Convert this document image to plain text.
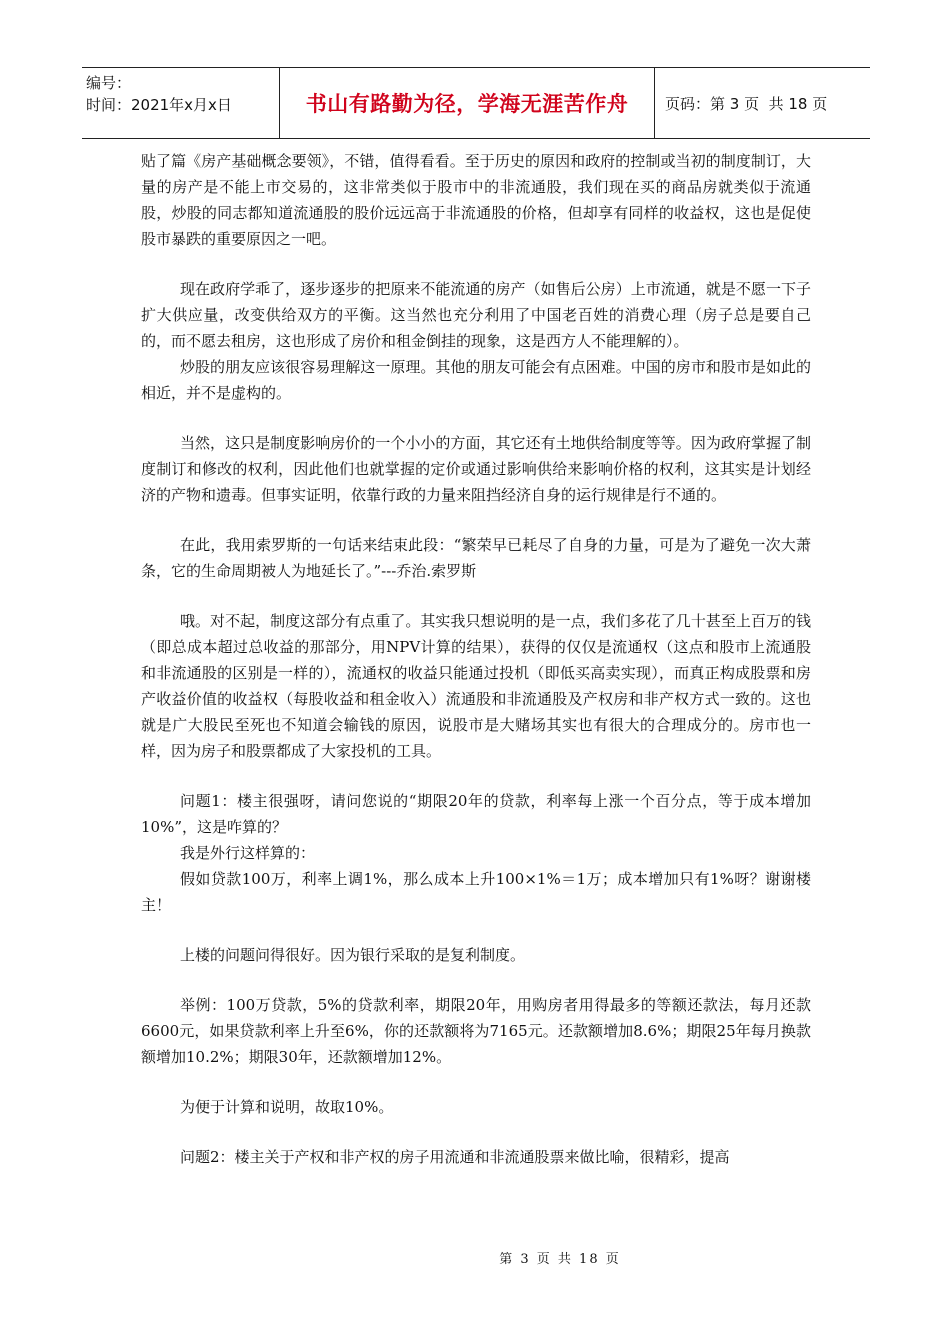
编号：
时间：2021年x月x日	书山有路勤为径，学海无涯苦作舟	页码：第 3 页  共 18 页

贴了篇《房产基础概念要领》，不错，值得看看。至于历史的原因和政府的控制或当初的制度制订，大量的房产是不能上市交易的，这非常类似于股市中的非流通股，我们现在买的商品房就类似于流通股，炒股的同志都知道流通股的股价远远高于非流通股的价格，但却享有同样的收益权，这也是促使股市暴跌的重要原因之一吧。

现在政府学乖了，逐步逐步的把原来不能流通的房产（如售后公房）上市流通，就是不愿一下子扩大供应量，改变供给双方的平衡。这当然也充分利用了中国老百姓的消费心理（房子总是要自己的，而不愿去租房，这也形成了房价和租金倒挂的现象，这是西方人不能理解的）。

炒股的朋友应该很容易理解这一原理。其他的朋友可能会有点困难。中国的房市和股市是如此的相近，并不是虚构的。

当然，这只是制度影响房价的一个小小的方面，其它还有土地供给制度等等。因为政府掌握了制度制订和修改的权利，因此他们也就掌握的定价或通过影响供给来影响价格的权利，这其实是计划经济的产物和遗毒。但事实证明，依靠行政的力量来阻挡经济自身的运行规律是行不通的。

在此，我用索罗斯的一句话来结束此段：“繁荣早已耗尽了自身的力量，可是为了避免一次大萧条，它的生命周期被人为地延长了。”---乔治.索罗斯

哦。对不起，制度这部分有点重了。其实我只想说明的是一点，我们多花了几十甚至上百万的钱（即总成本超过总收益的那部分，用NPV计算的结果），获得的仅仅是流通权（这点和股市上流通股和非流通股的区别是一样的），流通权的收益只能通过投机（即低买高卖实现），而真正构成股票和房产收益价值的收益权（每股收益和租金收入）流通股和非流通股及产权房和非产权方式一致的。这也就是广大股民至死也不知道会输钱的原因，说股市是大赌场其实也有很大的合理成分的。房市也一样，因为房子和股票都成了大家投机的工具。

问题1：楼主很强呀，请问您说的“期限20年的贷款，利率每上涨一个百分点，等于成本增加10%”，这是咋算的？

我是外行这样算的：

假如贷款100万，利率上调1%，那么成本上升100×1%＝1万；成本增加只有1%呀？谢谢楼主！

上楼的问题问得很好。因为银行采取的是复利制度。

举例：100万贷款，5%的贷款利率，期限20年，用购房者用得最多的等额还款法，每月还款6600元，如果贷款利率上升至6%，你的还款额将为7165元。还款额增加8.6%；期限25年每月换款额增加10.2%；期限30年，还款额增加12%。

为便于计算和说明，故取10%。

问题2：楼主关于产权和非产权的房子用流通和非流通股票来做比喻，很精彩，提高

第 3 页 共 18 页
